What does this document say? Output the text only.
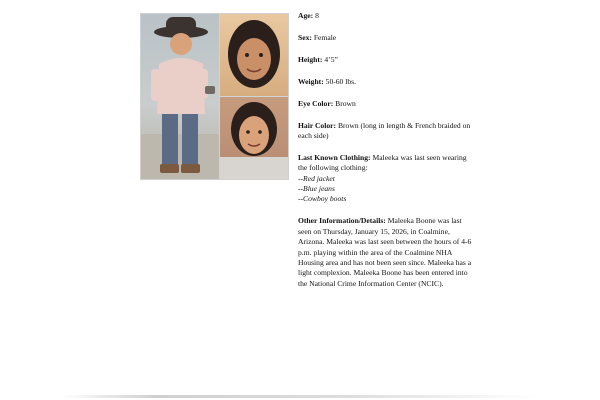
Age: 8

Sex: Female

Height: 4’5”

Weight: 50-60 lbs.

Eye Color: Brown

Hair Color: Brown (long in length & French braided on each side)

Last Known Clothing: Maleeka was last seen wearing the following clothing:
--Red jacket
--Blue jeans
--Cowboy boots

Other Information/Details: Maleeka Boone was last seen on Thursday, January 15, 2026, in Coalmine, Arizona. Maleeka was last seen between the hours of 4-6 p.m. playing within the area of the Coalmine NHA Housing area and has not been seen since. Maleeka has a light complexion. Maleeka Boone has been entered into the National Crime Information Center (NCIC).
